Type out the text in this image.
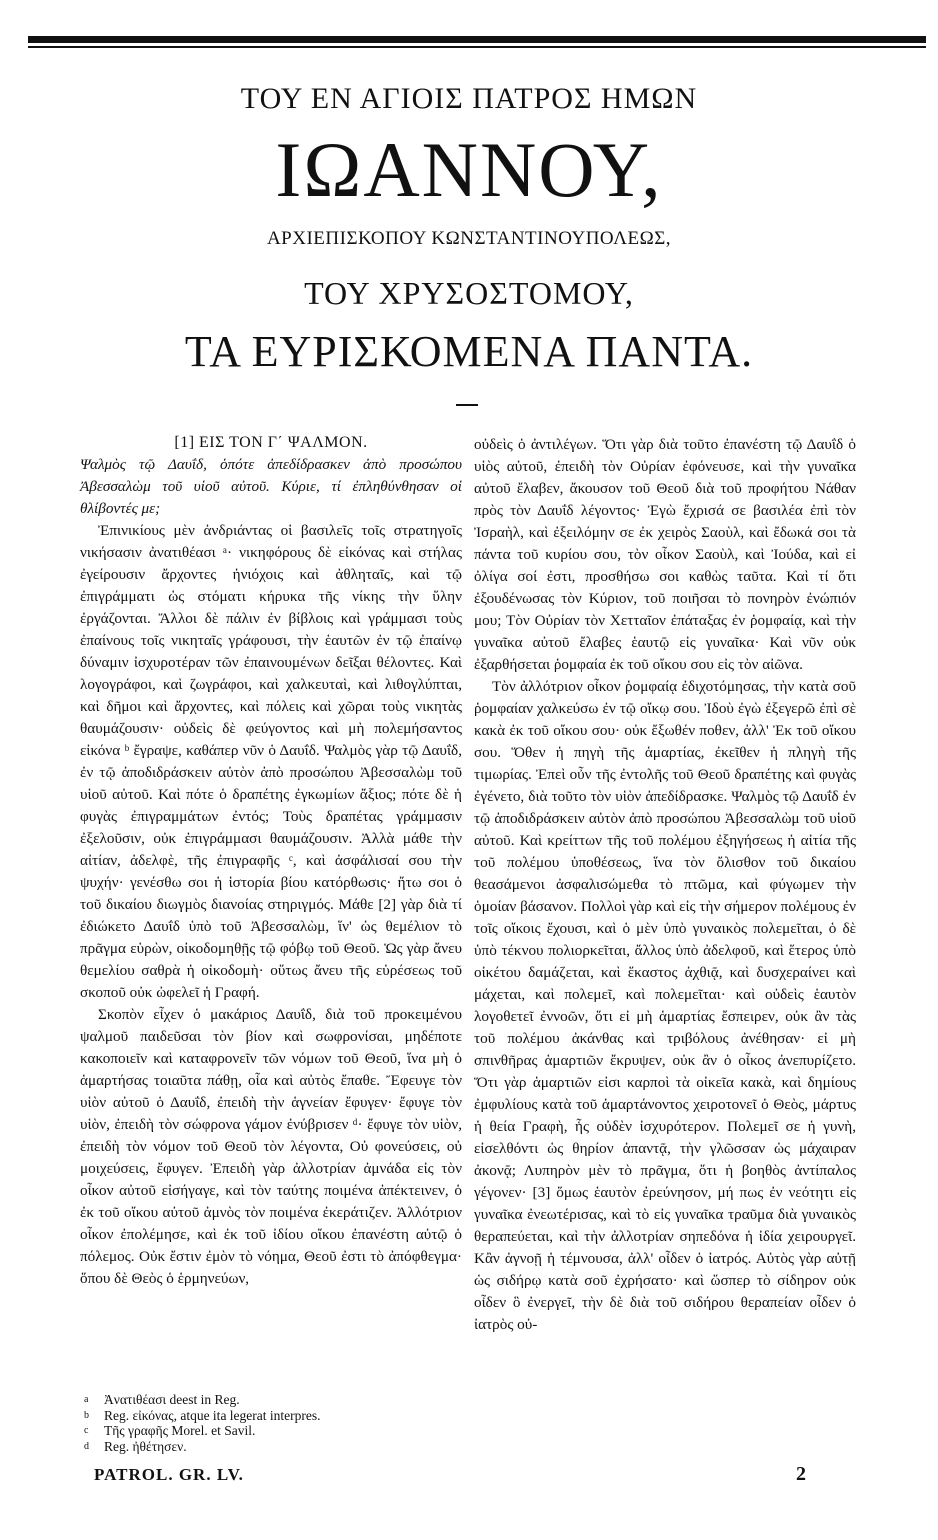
ΤΟΥ ΕΝ ΑΓΙΟΙΣ ΠΑΤΡΟΣ ΗΜΩΝ
ΙΩΑΝΝΟΥ,
ΑΡΧΙΕΠΙΣΚΟΠΟΥ ΚΩΝΣΤΑΝΤΙΝΟΥΠΟΛΕΩΣ,
ΤΟΥ ΧΡΥΣΟΣΤΟΜΟΥ,
ΤΑ ΕΥΡΙΣΚΟΜΕΝΑ ΠΑΝΤΑ.

[1] ΕΙΣ ΤΟΝ Γ΄ ΨΑΛΜΟΝ.

Ψαλμὸς τῷ Δαυΐδ, ὁπότε ἀπεδίδρασκεν ἀπὸ προσώπου Ἀβεσσαλὼμ τοῦ υἱοῦ αὐτοῦ. Κύριε, τί ἐπληθύνθησαν οἱ θλίβοντές με;

Ἐπινικίους μὲν ἀνδριάντας οἱ βασιλεῖς τοῖς στρατηγοῖς νικήσασιν ἀνατιθέασι ᵃ· νικηφόρους δὲ εἰκόνας καὶ στήλας ἐγείρουσιν ἄρχοντες ἡνιόχοις καὶ ἀθληταῖς, καὶ τῷ ἐπιγράμματι ὡς στόματι κήρυκα τῆς νίκης τὴν ὕλην ἐργάζονται. Ἄλλοι δὲ πάλιν ἐν βίβλοις καὶ γράμμασι τοὺς ἐπαίνους τοῖς νικηταῖς γράφουσι, τὴν ἑαυτῶν ἐν τῷ ἐπαίνῳ δύναμιν ἰσχυροτέραν τῶν ἐπαινουμένων δεῖξαι θέλοντες. Καὶ λογογράφοι, καὶ ζωγράφοι, καὶ χαλκευταὶ, καὶ λιθογλύπται, καὶ δῆμοι καὶ ἄρχοντες, καὶ πόλεις καὶ χῶραι τοὺς νικητὰς θαυμάζουσιν· οὐδεὶς δὲ φεύγοντος καὶ μὴ πολεμήσαντος εἰκόνα ᵇ ἔγραψε, καθάπερ νῦν ὁ Δαυΐδ. Ψαλμὸς γὰρ τῷ Δαυΐδ, ἐν τῷ ἀποδιδράσκειν αὐτὸν ἀπὸ προσώπου Ἀβεσσαλὼμ τοῦ υἱοῦ αὐτοῦ. Καὶ πότε ὁ δραπέτης ἐγκωμίων ἄξιος; πότε δὲ ἡ φυγὰς ἐπιγραμμάτων ἐντός; Τοὺς δραπέτας γράμμασιν ἐξελοῦσιν, οὐκ ἐπιγράμμασι θαυμάζουσιν. Ἀλλὰ μάθε τὴν αἰτίαν, ἀδελφὲ, τῆς ἐπιγραφῆς ᶜ, καὶ ἀσφάλισαί σου τὴν ψυχήν· γενέσθω σοι ἡ ἱστορία βίου κατόρθωσις· ἤτω σοι ὁ τοῦ δικαίου διωγμὸς διανοίας στηριγμός. Μάθε [2] γὰρ διὰ τί ἐδιώκετο Δαυΐδ ὑπὸ τοῦ Ἀβεσσαλὼμ, ἵν' ὡς θεμέλιον τὸ πρᾶγμα εὑρὼν, οἰκοδομηθῇς τῷ φόβῳ τοῦ Θεοῦ. Ὡς γὰρ ἄνευ θεμελίου σαθρὰ ἡ οἰκοδομὴ· οὕτως ἄνευ τῆς εὑρέσεως τοῦ σκοποῦ οὐκ ὠφελεῖ ἡ Γραφή.

Σκοπὸν εἶχεν ὁ μακάριος Δαυΐδ, διὰ τοῦ προκειμένου ψαλμοῦ παιδεῦσαι τὸν βίον καὶ σωφρονίσαι, μηδέποτε κακοποιεῖν καὶ καταφρονεῖν τῶν νόμων τοῦ Θεοῦ, ἵνα μὴ ὁ ἁμαρτήσας τοιαῦτα πάθῃ, οἷα καὶ αὐτὸς ἔπαθε. Ἔφευγε τὸν υἱὸν αὐτοῦ ὁ Δαυΐδ, ἐπειδὴ τὴν ἁγνείαν ἔφυγεν· ἔφυγε τὸν υἱὸν, ἐπειδὴ τὸν σώφρονα γάμον ἐνύβρισεν ᵈ· ἔφυγε τὸν υἱὸν, ἐπειδὴ τὸν νόμον τοῦ Θεοῦ τὸν λέγοντα, Οὐ φονεύσεις, οὐ μοιχεύσεις, ἔφυγεν. Ἐπειδὴ γὰρ ἀλλοτρίαν ἀμνάδα εἰς τὸν οἶκον αὐτοῦ εἰσήγαγε, καὶ τὸν ταύτης ποιμένα ἀπέκτεινεν, ὁ ἐκ τοῦ οἴκου αὐτοῦ ἀμνὸς τὸν ποιμένα ἐκεράτιζεν. Ἀλλότριον οἶκον ἐπολέμησε, καὶ ἐκ τοῦ ἰδίου οἴκου ἐπανέστη αὐτῷ ὁ πόλεμος. Οὐκ ἔστιν ἐμὸν τὸ νόημα, Θεοῦ ἐστι τὸ ἀπόφθεγμα· ὅπου δὲ Θεὸς ὁ ἑρμηνεύων,

οὐδεὶς ὁ ἀντιλέγων. Ὅτι γὰρ διὰ τοῦτο ἐπανέστη τῷ Δαυΐδ ὁ υἱὸς αὐτοῦ, ἐπειδὴ τὸν Οὐρίαν ἐφόνευσε, καὶ τὴν γυναῖκα αὐτοῦ ἔλαβεν, ἄκουσον τοῦ Θεοῦ διὰ τοῦ προφήτου Νάθαν πρὸς τὸν Δαυΐδ λέγοντος· Ἐγὼ ἔχρισά σε βασιλέα ἐπὶ τὸν Ἰσραὴλ, καὶ ἐξειλόμην σε ἐκ χειρὸς Σαοὺλ, καὶ ἔδωκά σοι τὰ πάντα τοῦ κυρίου σου, τὸν οἶκον Σαοὺλ, καὶ Ἰούδα, καὶ εἰ ὀλίγα σοί ἐστι, προσθήσω σοι καθὼς ταῦτα. Καὶ τί ὅτι ἐξουδένωσας τὸν Κύριον, τοῦ ποιῆσαι τὸ πονηρὸν ἐνώπιόν μου; Τὸν Οὐρίαν τὸν Χετταῖον ἐπάταξας ἐν ῥομφαίᾳ, καὶ τὴν γυναῖκα αὐτοῦ ἔλαβες ἑαυτῷ εἰς γυναῖκα· Καὶ νῦν οὐκ ἐξαρθήσεται ῥομφαία ἐκ τοῦ οἴκου σου εἰς τὸν αἰῶνα.

Τὸν ἀλλότριον οἶκον ῥομφαίᾳ ἐδιχοτόμησας, τὴν κατὰ σοῦ ῥομφαίαν χαλκεύσω ἐν τῷ οἴκῳ σου. Ἰδοὺ ἐγὼ ἐξεγερῶ ἐπὶ σὲ κακὰ ἐκ τοῦ οἴκου σου· οὐκ ἔξωθέν ποθεν, ἀλλ' Ἐκ τοῦ οἴκου σου. Ὅθεν ἡ πηγὴ τῆς ἁμαρτίας, ἐκεῖθεν ἡ πληγὴ τῆς τιμωρίας. Ἐπεὶ οὖν τῆς ἐντολῆς τοῦ Θεοῦ δραπέτης καὶ φυγὰς ἐγένετο, διὰ τοῦτο τὸν υἱὸν ἀπεδίδρασκε. Ψαλμὸς τῷ Δαυΐδ ἐν τῷ ἀποδιδράσκειν αὐτὸν ἀπὸ προσώπου Ἀβεσσαλὼμ τοῦ υἱοῦ αὐτοῦ. Καὶ κρείττων τῆς τοῦ πολέμου ἐξηγήσεως ἡ αἰτία τῆς τοῦ πολέμου ὑποθέσεως, ἵνα τὸν ὄλισθον τοῦ δικαίου θεασάμενοι ἀσφαλισώμεθα τὸ πτῶμα, καὶ φύγωμεν τὴν ὁμοίαν βάσανον. Πολλοὶ γὰρ καὶ εἰς τὴν σήμερον πολέμους ἐν τοῖς οἴκοις ἔχουσι, καὶ ὁ μὲν ὑπὸ γυναικὸς πολεμεῖται, ὁ δὲ ὑπὸ τέκνου πολιορκεῖται, ἄλλος ὑπὸ ἀδελφοῦ, καὶ ἕτερος ὑπὸ οἰκέτου δαμάζεται, καὶ ἕκαστος ἀχθιᾷ, καὶ δυσχεραίνει καὶ μάχεται, καὶ πολεμεῖ, καὶ πολεμεῖται· καὶ οὐδεὶς ἑαυτὸν λογοθετεῖ ἐννοῶν, ὅτι εἰ μὴ ἁμαρτίας ἔσπειρεν, οὐκ ἂν τὰς τοῦ πολέμου ἀκάνθας καὶ τριβόλους ἀνέθησαν· εἰ μὴ σπινθῆρας ἁμαρτιῶν ἔκρυψεν, οὐκ ἂν ὁ οἶκος ἀνεπυρίζετο. Ὅτι γὰρ ἁμαρτιῶν εἰσι καρποὶ τὰ οἰκεῖα κακὰ, καὶ δημίους ἐμφυλίους κατὰ τοῦ ἁμαρτάνοντος χειροτονεῖ ὁ Θεὸς, μάρτυς ἡ θεία Γραφὴ, ἧς οὐδὲν ἰσχυρότερον. Πολεμεῖ σε ἡ γυνὴ, εἰσελθόντι ὡς θηρίον ἀπαντᾷ, τὴν γλῶσσαν ὡς μάχαιραν ἀκονᾷ; Λυπηρὸν μὲν τὸ πρᾶγμα, ὅτι ἡ βοηθὸς ἀντίπαλος γέγονεν· [3] ὅμως ἑαυτὸν ἐρεύνησον, μή πως ἐν νεότητι εἰς γυναῖκα ἐνεωτέρισας, καὶ τὸ εἰς γυναῖκα τραῦμα διὰ γυναικὸς θεραπεύεται, καὶ τὴν ἀλλοτρίαν σηπεδόνα ἡ ἰδία χειρουργεῖ. Κἂν ἀγνοῇ ἡ τέμνουσα, ἀλλ' οἶδεν ὁ ἰατρός. Αὐτὸς γὰρ αὐτῇ ὡς σιδήρῳ κατὰ σοῦ ἐχρήσατο· καὶ ὥσπερ τὸ σίδηρον οὐκ οἶδεν ὃ ἐνεργεῖ, τὴν δὲ διὰ τοῦ σιδήρου θεραπείαν οἶδεν ὁ ἰατρὸς οὐ-

a Ἀνατιθέασι deest in Reg.
b Reg. εἰκόνας, atque ita legerat interpres.
c Τῆς γραφῆς Morel. et Savil.
d Reg. ἠθέτησεν.
PATROL. GR. LV.	2
